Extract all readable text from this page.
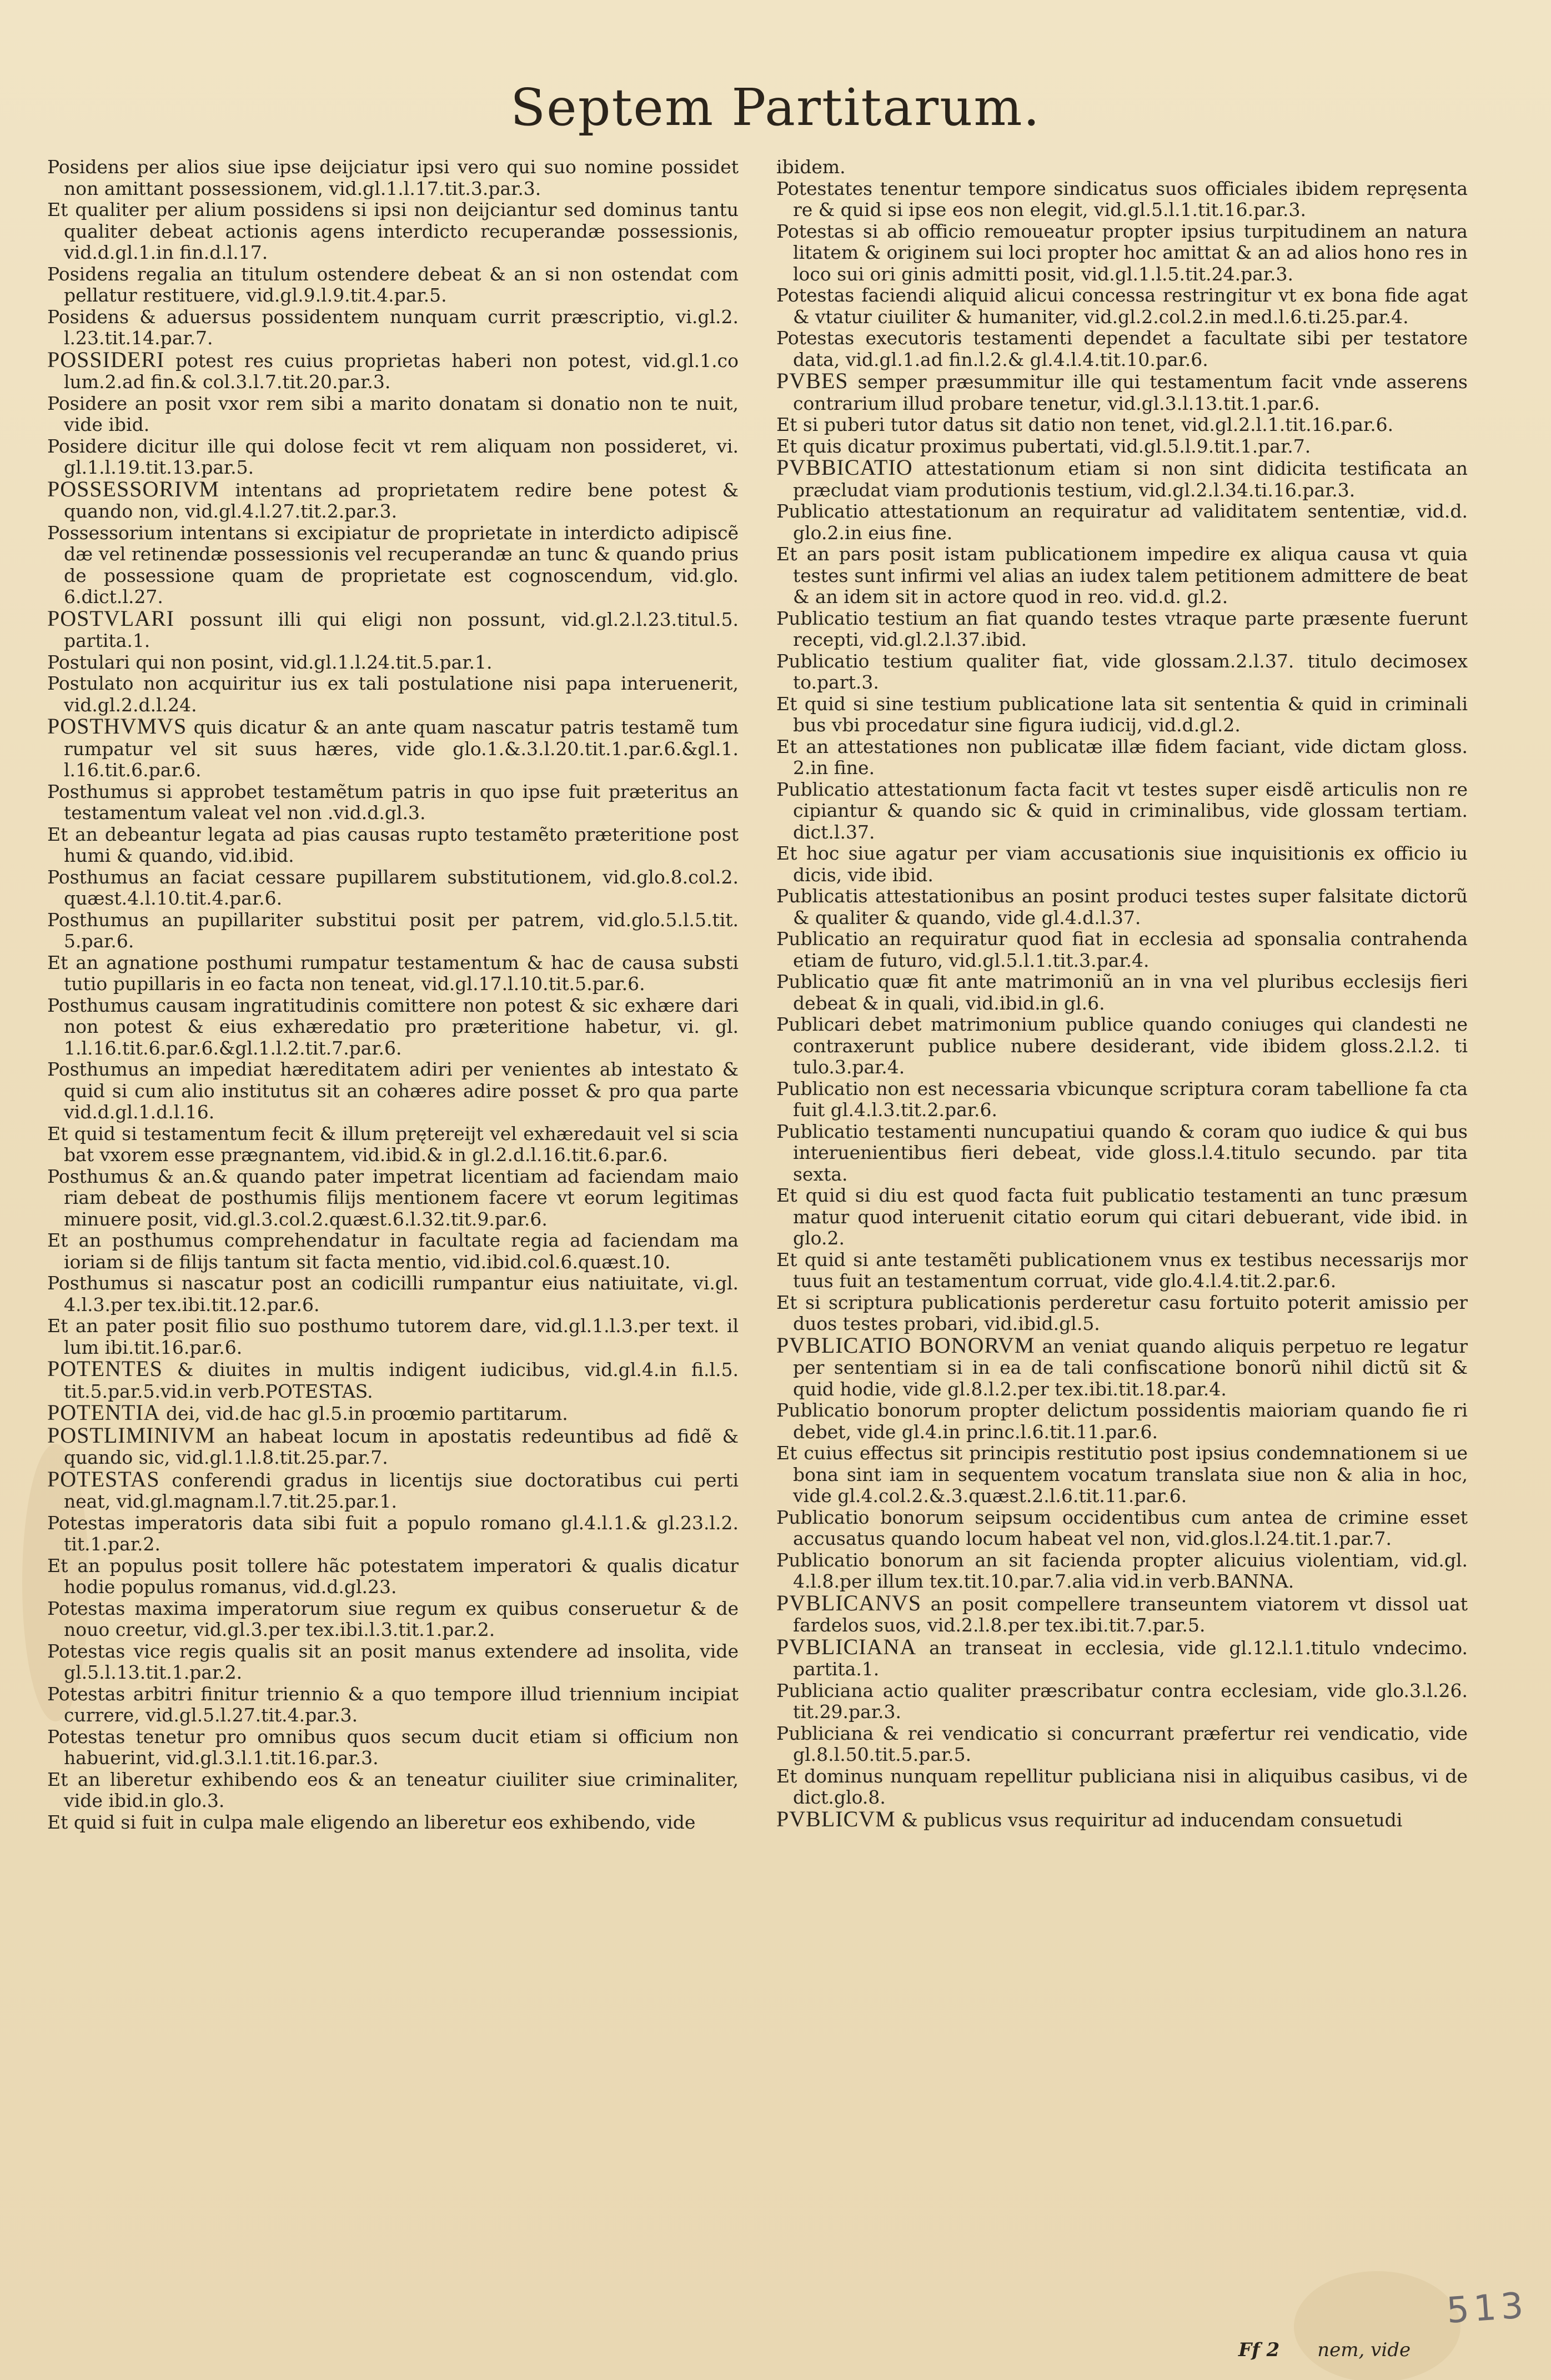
Septem Partitarum.

Posidens per alios siue ipse deijciatur ipsi vero qui suo nomine possidet non amittant possessionem, vid.gl.1.l.17.tit.3.par.3.

Et qualiter per alium possidens si ipsi non deijciantur sed dominus tantu qualiter debeat actionis agens interdicto recuperandæ possessionis, vid.d.gl.1.in fin.d.l.17.

Posidens regalia an titulum ostendere debeat & an si non ostendat com pellatur restituere, vid.gl.9.l.9.tit.4.par.5.

Posidens & aduersus possidentem nunquam currit præscriptio, vi.gl.2. l.23.tit.14.par.7.

POSSIDERI potest res cuius proprietas haberi non potest, vid.gl.1.co lum.2.ad fin.& col.3.l.7.tit.20.par.3.

Posidere an posit vxor rem sibi a marito donatam si donatio non te nuit, vide ibid.

Posidere dicitur ille qui dolose fecit vt rem aliquam non possideret, vi. gl.1.l.19.tit.13.par.5.

POSSESSORIVM intentans ad proprietatem redire bene potest & quando non, vid.gl.4.l.27.tit.2.par.3.

Possessorium intentans si excipiatur de proprietate in interdicto adipiscẽ dæ vel retinendæ possessionis vel recuperandæ an tunc & quando prius de possessione quam de proprietate est cognoscendum, vid.glo. 6.dict.l.27.

POSTVLARI possunt illi qui eligi non possunt, vid.gl.2.l.23.titul.5. partita.1.

Postulari qui non posint, vid.gl.1.l.24.tit.5.par.1.

Postulato non acquiritur ius ex tali postulatione nisi papa interuenerit, vid.gl.2.d.l.24.

POSTHVMVS quis dicatur & an ante quam nascatur patris testamẽ tum rumpatur vel sit suus hæres, vide glo.1.&.3.l.20.tit.1.par.6.&gl.1. l.16.tit.6.par.6.

Posthumus si approbet testamẽtum patris in quo ipse fuit præteritus an testamentum valeat vel non .vid.d.gl.3.

Et an debeantur legata ad pias causas rupto testamẽto præteritione post humi & quando, vid.ibid.

Posthumus an faciat cessare pupillarem substitutionem, vid.glo.8.col.2. quæst.4.l.10.tit.4.par.6.

Posthumus an pupillariter substitui posit per patrem, vid.glo.5.l.5.tit. 5.par.6.

Et an agnatione posthumi rumpatur testamentum & hac de causa substi tutio pupillaris in eo facta non teneat, vid.gl.17.l.10.tit.5.par.6.

Posthumus causam ingratitudinis comittere non potest & sic exhære dari non potest & eius exhæredatio pro præteritione habetur, vi. gl. 1.l.16.tit.6.par.6.&gl.1.l.2.tit.7.par.6.

Posthumus an impediat hæreditatem adiri per venientes ab intestato & quid si cum alio institutus sit an cohæres adire posset & pro qua parte vid.d.gl.1.d.l.16.

Et quid si testamentum fecit & illum prętereijt vel exhæredauit vel si scia bat vxorem esse prægnantem, vid.ibid.& in gl.2.d.l.16.tit.6.par.6.

Posthumus & an.& quando pater impetrat licentiam ad faciendam maio riam debeat de posthumis filijs mentionem facere vt eorum legitimas minuere posit, vid.gl.3.col.2.quæst.6.l.32.tit.9.par.6.

Et an posthumus comprehendatur in facultate regia ad faciendam ma ioriam si de filijs tantum sit facta mentio, vid.ibid.col.6.quæst.10.

Posthumus si nascatur post an codicilli rumpantur eius natiuitate, vi.gl. 4.l.3.per tex.ibi.tit.12.par.6.

Et an pater posit filio suo posthumo tutorem dare, vid.gl.1.l.3.per text. il lum ibi.tit.16.par.6.

POTENTES & diuites in multis indigent iudicibus, vid.gl.4.in fi.l.5. tit.5.par.5.vid.in verb.POTESTAS.

POTENTIA dei, vid.de hac gl.5.in proœmio partitarum.

POSTLIMINIVM an habeat locum in apostatis redeuntibus ad fidẽ & quando sic, vid.gl.1.l.8.tit.25.par.7.

POTESTAS conferendi gradus in licentijs siue doctoratibus cui perti neat, vid.gl.magnam.l.7.tit.25.par.1.

Potestas imperatoris data sibi fuit a populo romano gl.4.l.1.& gl.23.l.2. tit.1.par.2.

Et an populus posit tollere hãc potestatem imperatori & qualis dicatur hodie populus romanus, vid.d.gl.23.

Potestas maxima imperatorum siue regum ex quibus conseruetur & de nouo creetur, vid.gl.3.per tex.ibi.l.3.tit.1.par.2.

Potestas vice regis qualis sit an posit manus extendere ad insolita, vide gl.5.l.13.tit.1.par.2.

Potestas arbitri finitur triennio & a quo tempore illud triennium incipiat currere, vid.gl.5.l.27.tit.4.par.3.

Potestas tenetur pro omnibus quos secum ducit etiam si officium non habuerint, vid.gl.3.l.1.tit.16.par.3.

Et an liberetur exhibendo eos & an teneatur ciuiliter siue criminaliter, vide ibid.in glo.3.

Et quid si fuit in culpa male eligendo an liberetur eos exhibendo, vide

ibidem.

Potestates tenentur tempore sindicatus suos officiales ibidem repręsenta re & quid si ipse eos non elegit, vid.gl.5.l.1.tit.16.par.3.

Potestas si ab officio remoueatur propter ipsius turpitudinem an natura litatem & originem sui loci propter hoc amittat & an ad alios hono res in loco sui ori ginis admitti posit, vid.gl.1.l.5.tit.24.par.3.

Potestas faciendi aliquid alicui concessa restringitur vt ex bona fide agat & vtatur ciuiliter & humaniter, vid.gl.2.col.2.in med.l.6.ti.25.par.4.

Potestas executoris testamenti dependet a facultate sibi per testatore data, vid.gl.1.ad fin.l.2.& gl.4.l.4.tit.10.par.6.

PVBES semper præsummitur ille qui testamentum facit vnde asserens contrarium illud probare tenetur, vid.gl.3.l.13.tit.1.par.6.

Et si puberi tutor datus sit datio non tenet, vid.gl.2.l.1.tit.16.par.6.

Et quis dicatur proximus pubertati, vid.gl.5.l.9.tit.1.par.7.

PVBBICATIO attestationum etiam si non sint didicita testificata an præcludat viam produtionis testium, vid.gl.2.l.34.ti.16.par.3.

Publicatio attestationum an requiratur ad validitatem sententiæ, vid.d. glo.2.in eius fine.

Et an pars posit istam publicationem impedire ex aliqua causa vt quia testes sunt infirmi vel alias an iudex talem petitionem admittere de beat & an idem sit in actore quod in reo. vid.d. gl.2.

Publicatio testium an fiat quando testes vtraque parte præsente fuerunt recepti, vid.gl.2.l.37.ibid.

Publicatio testium qualiter fiat, vide glossam.2.l.37. titulo decimosex to.part.3.

Et quid si sine testium publicatione lata sit sententia & quid in criminali bus vbi procedatur sine figura iudicij, vid.d.gl.2.

Et an attestationes non publicatæ illæ fidem faciant, vide dictam gloss. 2.in fine.

Publicatio attestationum facta facit vt testes super eisdẽ articulis non re cipiantur & quando sic & quid in criminalibus, vide glossam tertiam. dict.l.37.

Et hoc siue agatur per viam accusationis siue inquisitionis ex officio iu dicis, vide ibid.

Publicatis attestationibus an posint produci testes super falsitate dictorũ & qualiter & quando, vide gl.4.d.l.37.

Publicatio an requiratur quod fiat in ecclesia ad sponsalia contrahenda etiam de futuro, vid.gl.5.l.1.tit.3.par.4.

Publicatio quæ fit ante matrimoniũ an in vna vel pluribus ecclesijs fieri debeat & in quali, vid.ibid.in gl.6.

Publicari debet matrimonium publice quando coniuges qui clandesti ne contraxerunt publice nubere desiderant, vide ibidem gloss.2.l.2. ti tulo.3.par.4.

Publicatio non est necessaria vbicunque scriptura coram tabellione fa cta fuit gl.4.l.3.tit.2.par.6.

Publicatio testamenti nuncupatiui quando & coram quo iudice & qui bus interuenientibus fieri debeat, vide gloss.l.4.titulo secundo. par tita sexta.

Et quid si diu est quod facta fuit publicatio testamenti an tunc præsum matur quod interuenit citatio eorum qui citari debuerant, vide ibid. in glo.2.

Et quid si ante testamẽti publicationem vnus ex testibus necessarijs mor tuus fuit an testamentum corruat, vide glo.4.l.4.tit.2.par.6.

Et si scriptura publicationis perderetur casu fortuito poterit amissio per duos testes probari, vid.ibid.gl.5.

PVBLICATIO BONORVM an veniat quando aliquis perpetuo re legatur per sententiam si in ea de tali confiscatione bonorũ nihil dictũ sit & quid hodie, vide gl.8.l.2.per tex.ibi.tit.18.par.4.

Publicatio bonorum propter delictum possidentis maioriam quando fie ri debet, vide gl.4.in princ.l.6.tit.11.par.6.

Et cuius effectus sit principis restitutio post ipsius condemnationem si ue bona sint iam in sequentem vocatum translata siue non & alia in hoc, vide gl.4.col.2.&.3.quæst.2.l.6.tit.11.par.6.

Publicatio bonorum seipsum occidentibus cum antea de crimine esset accusatus quando locum habeat vel non, vid.glos.l.24.tit.1.par.7.

Publicatio bonorum an sit facienda propter alicuius violentiam, vid.gl. 4.l.8.per illum tex.tit.10.par.7.alia vid.in verb.BANNA.

PVBLICANVS an posit compellere transeuntem viatorem vt dissol uat fardelos suos, vid.2.l.8.per tex.ibi.tit.7.par.5.

PVBLICIANA an transeat in ecclesia, vide gl.12.l.1.titulo vndecimo. partita.1.

Publiciana actio qualiter præscribatur contra ecclesiam, vide glo.3.l.26. tit.29.par.3.

Publiciana & rei vendicatio si concurrant præfertur rei vendicatio, vide gl.8.l.50.tit.5.par.5.

Et dominus nunquam repellitur publiciana nisi in aliquibus casibus, vi de dict.glo.8.

PVBLICVM & publicus vsus requiritur ad inducendam consuetudi

Ff 2 nem, vide
513
